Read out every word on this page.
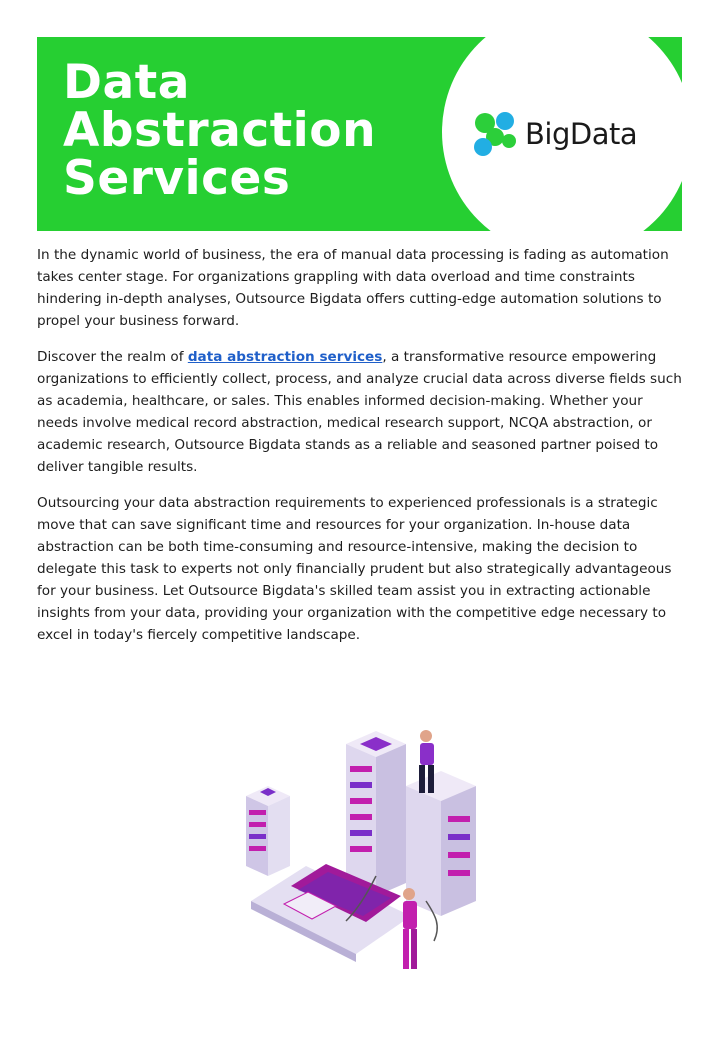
Data
Abstraction
Services
BigData

In the dynamic world of business, the era of manual data processing is fading as automation takes center stage. For organizations grappling with data overload and time constraints hindering in-depth analyses, Outsource Bigdata offers cutting-edge automation solutions to propel your business forward.

Discover the realm of data abstraction services, a transformative resource empowering organizations to efficiently collect, process, and analyze crucial data across diverse fields such as academia, healthcare, or sales. This enables informed decision-making. Whether your needs involve medical record abstraction, medical research support, NCQA abstraction, or academic research, Outsource Bigdata stands as a reliable and seasoned partner poised to deliver tangible results.

Outsourcing your data abstraction requirements to experienced professionals is a strategic move that can save significant time and resources for your organization. In-house data abstraction can be both time-consuming and resource-intensive, making the decision to delegate this task to experts not only financially prudent but also strategically advantageous for your business. Let Outsource Bigdata's skilled team assist you in extracting actionable insights from your data, providing your organization with the competitive edge necessary to excel in today's fiercely competitive landscape.
